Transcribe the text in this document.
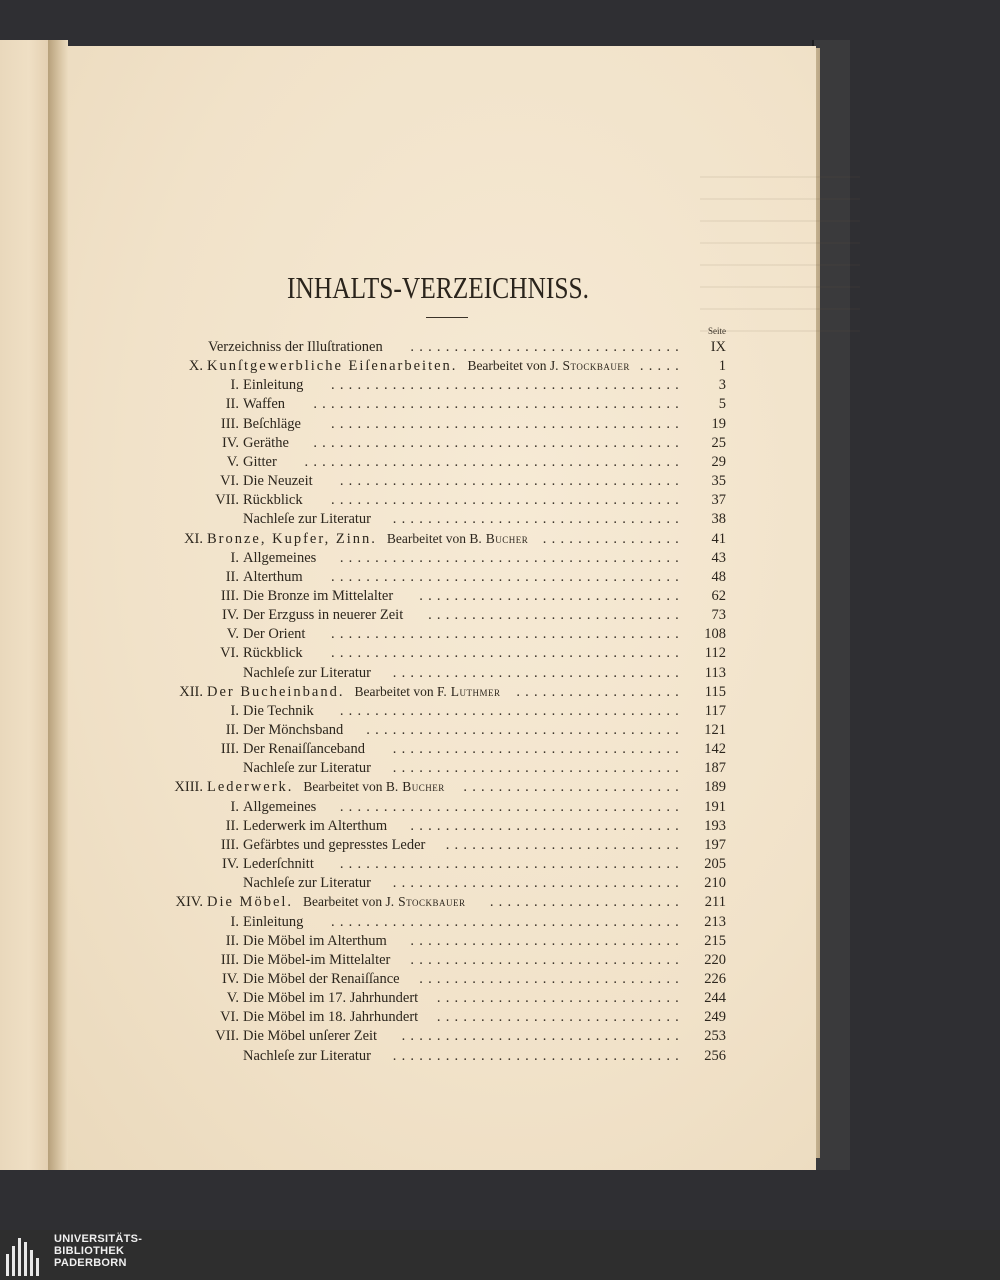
INHALTS-VERZEICHNISS.
Seite
Verzeichniss der Illuſtrationen	...............................	IX
X. Kunſtgewerbliche Eiſenarbeiten. Bearbeitet von J. Stockbauer .....	1
I. Einleitung	........................................	3
II. Waffen	..........................................	5
III. Beſchläge	........................................	19
IV. Geräthe	..........................................	25
V. Gitter	...........................................	29
VI. Die Neuzeit	.......................................	35
VII. Rückblick	........................................	37
Nachleſe zur Literatur	.................................	38
XI. Bronze, Kupfer, Zinn. Bearbeitet von B. Bucher	................	41
I. Allgemeines	.......................................	43
II. Alterthum	........................................	48
III. Die Bronze im Mittelalter	..............................	62
IV. Der Erzguss in neuerer Zeit	.............................	73
V. Der Orient	........................................	108
VI. Rückblick	........................................	112
Nachleſe zur Literatur	.................................	113
XII. Der Bucheinband. Bearbeitet von F. Luthmer	...................	115
I. Die Technik	.......................................	117
II. Der Mönchsband	....................................	121
III. Der Renaiſſanceband	.................................	142
Nachleſe zur Literatur	.................................	187
XIII. Lederwerk. Bearbeitet von B. Bucher	.........................	189
I. Allgemeines	.......................................	191
II. Lederwerk im Alterthum	...............................	193
III. Gefärbtes und gepresstes Leder	...........................	197
IV. Lederſchnitt	.......................................	205
Nachleſe zur Literatur	.................................	210
XIV. Die Möbel. Bearbeitet von J. Stockbauer	......................	211
I. Einleitung	........................................	213
II. Die Möbel im Alterthum	...............................	215
III. Die Möbel-im Mittelalter	...............................	220
IV. Die Möbel der Renaiſſance	..............................	226
V. Die Möbel im 17. Jahrhundert	............................	244
VI. Die Möbel im 18. Jahrhundert	............................	249
VII. Die Möbel unſerer Zeit	................................	253
Nachleſe zur Literatur	.................................	256
UNIVERSITÄTS-
BIBLIOTHEK
PADERBORN
